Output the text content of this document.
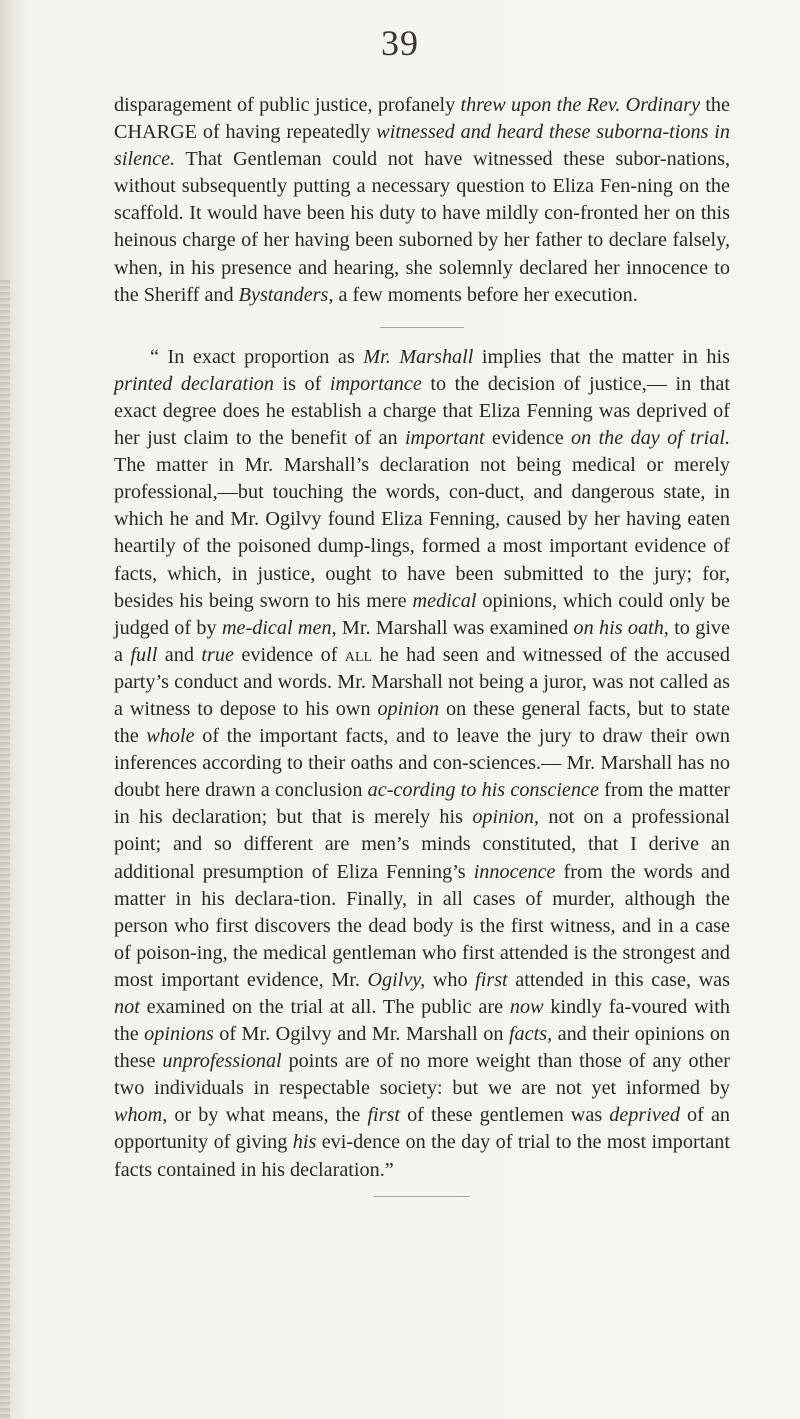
39

disparagement of public justice, profanely threw upon the Rev. Ordinary the CHARGE of having repeatedly witnessed and heard these suborna-tions in silence. That Gentleman could not have witnessed these subor-nations, without subsequently putting a necessary question to Eliza Fen-ning on the scaffold. It would have been his duty to have mildly con-fronted her on this heinous charge of her having been suborned by her father to declare falsely, when, in his presence and hearing, she solemnly declared her innocence to the Sheriff and Bystanders, a few moments before her execution.

“ In exact proportion as Mr. Marshall implies that the matter in his printed declaration is of importance to the decision of justice,— in that exact degree does he establish a charge that Eliza Fenning was deprived of her just claim to the benefit of an important evidence on the day of trial. The matter in Mr. Marshall’s declaration not being medical or merely professional,—but touching the words, con-duct, and dangerous state, in which he and Mr. Ogilvy found Eliza Fenning, caused by her having eaten heartily of the poisoned dump-lings, formed a most important evidence of facts, which, in justice, ought to have been submitted to the jury; for, besides his being sworn to his mere medical opinions, which could only be judged of by me-dical men, Mr. Marshall was examined on his oath, to give a full and true evidence of all he had seen and witnessed of the accused party’s conduct and words. Mr. Marshall not being a juror, was not called as a witness to depose to his own opinion on these general facts, but to state the whole of the important facts, and to leave the jury to draw their own inferences according to their oaths and con-sciences.— Mr. Marshall has no doubt here drawn a conclusion ac-cording to his conscience from the matter in his declaration; but that is merely his opinion, not on a professional point; and so different are men’s minds constituted, that I derive an additional presumption of Eliza Fenning’s innocence from the words and matter in his declara-tion. Finally, in all cases of murder, although the person who first discovers the dead body is the first witness, and in a case of poison-ing, the medical gentleman who first attended is the strongest and most important evidence, Mr. Ogilvy, who first attended in this case, was not examined on the trial at all. The public are now kindly fa-voured with the opinions of Mr. Ogilvy and Mr. Marshall on facts, and their opinions on these unprofessional points are of no more weight than those of any other two individuals in respectable society: but we are not yet informed by whom, or by what means, the first of these gentlemen was deprived of an opportunity of giving his evi-dence on the day of trial to the most important facts contained in his declaration.”
